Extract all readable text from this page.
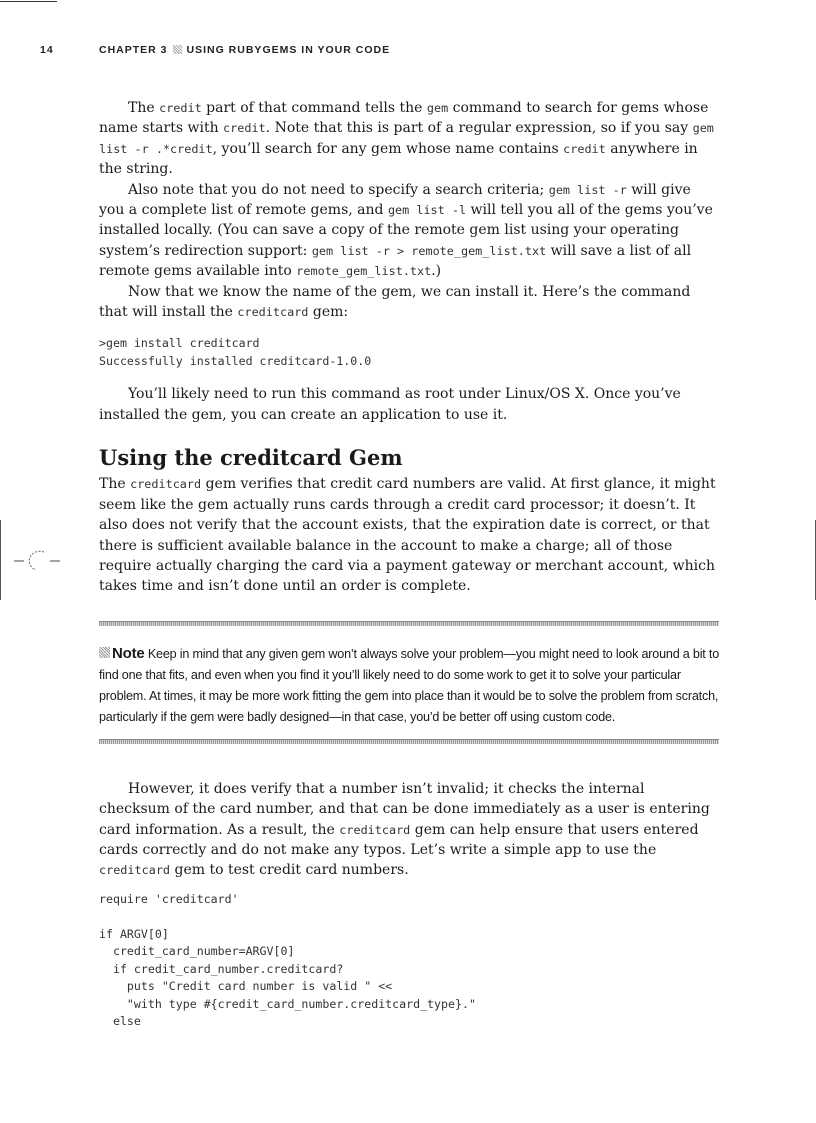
14	CHAPTER 3 USING RUBYGEMS IN YOUR CODE

The credit part of that command tells the gem command to search for gems whose name starts with credit. Note that this is part of a regular expression, so if you say gem list -r .*credit, you’ll search for any gem whose name contains credit anywhere in the string.

Also note that you do not need to specify a search criteria; gem list -r will give you a complete list of remote gems, and gem list -l will tell you all of the gems you’ve installed locally. (You can save a copy of the remote gem list using your operating system’s redirection support: gem list -r > remote_gem_list.txt will save a list of all remote gems available into remote_gem_list.txt.)

Now that we know the name of the gem, we can install it. Here’s the command that will install the creditcard gem:

>gem install creditcard
Successfully installed creditcard-1.0.0

You’ll likely need to run this command as root under Linux/OS X. Once you’ve installed the gem, you can create an application to use it.

Using the creditcard Gem

The creditcard gem verifies that credit card numbers are valid. At first glance, it might seem like the gem actually runs cards through a credit card processor; it doesn’t. It also does not verify that the account exists, that the expiration date is correct, or that there is sufficient available balance in the account to make a charge; all of those require actually charging the card via a payment gateway or merchant account, which takes time and isn’t done until an order is complete.

Note Keep in mind that any given gem won’t always solve your problem—you might need to look around a bit to find one that fits, and even when you find it you’ll likely need to do some work to get it to solve your particular problem. At times, it may be more work fitting the gem into place than it would be to solve the problem from scratch, particularly if the gem were badly designed—in that case, you’d be better off using custom code.

However, it does verify that a number isn’t invalid; it checks the internal checksum of the card number, and that can be done immediately as a user is entering card information. As a result, the creditcard gem can help ensure that users entered cards correctly and do not make any typos. Let’s write a simple app to use the creditcard gem to test credit card numbers.

require 'creditcard'

if ARGV[0]
credit_card_number=ARGV[0]
if credit_card_number.creditcard?
puts "Credit card number is valid " <<
"with type #{credit_card_number.creditcard_type}."
else
